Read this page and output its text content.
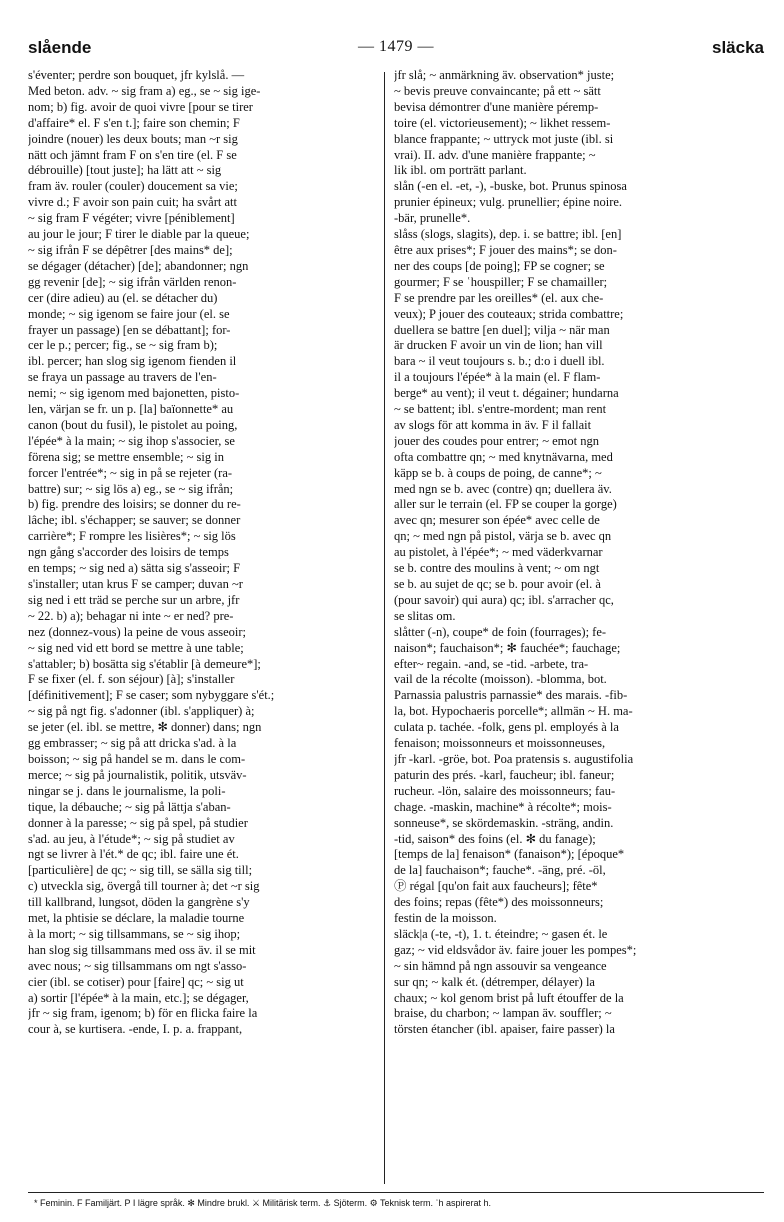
slående	— 1479 —	släcka
s'éventer; perdre son bouquet, jfr kylslå. —
Med beton. adv. ~ sig fram a) eg., se ~ sig ige-
nom; b) fig. avoir de quoi vivre [pour se tirer
d'affaire* el. F s'en t.]; faire son chemin; F
joindre (nouer) les deux bouts; man ~r sig
nätt och jämnt fram F on s'en tire (el. F se
débrouille) [tout juste]; ha lätt att ~ sig
fram äv. rouler (couler) doucement sa vie;
vivre d.; F avoir son pain cuit; ha svårt att
~ sig fram F végéter; vivre [péniblement]
au jour le jour; F tirer le diable par la queue;
~ sig ifrån F se dépêtrer [des mains* de];
se dégager (détacher) [de]; abandonner; ngn
gg revenir [de]; ~ sig ifrån världen renon-
cer (dire adieu) au (el. se détacher du)
monde; ~ sig igenom se faire jour (el. se
frayer un passage) [en se débattant]; for-
cer le p.; percer; fig., se ~ sig fram b);
ibl. percer; han slog sig igenom fienden il
se fraya un passage au travers de l'en-
nemi; ~ sig igenom med bajonetten, pisto-
len, värjan se fr. un p. [la] baïonnette* au
canon (bout du fusil), le pistolet au poing,
l'épée* à la main; ~ sig ihop s'associer, se
förena sig; se mettre ensemble; ~ sig in
forcer l'entrée*; ~ sig in på se rejeter (ra-
battre) sur; ~ sig lös a) eg., se ~ sig ifrån;
b) fig. prendre des loisirs; se donner du re-
lâche; ibl. s'échapper; se sauver; se donner
carrière*; F rompre les lisières*; ~ sig lös
ngn gång s'accorder des loisirs de temps
en temps; ~ sig ned a) sätta sig s'asseoir; F
s'installer; utan krus F se camper; duvan ~r
sig ned i ett träd se perche sur un arbre, jfr
~ 22. b) a); behagar ni inte ~ er ned? pre-
nez (donnez-vous) la peine de vous asseoir;
~ sig ned vid ett bord se mettre à une table;
s'attabler; b) bosätta sig s'établir [à demeure*];
F se fixer (el. f. son séjour) [à]; s'installer
[définitivement]; F se caser; som nybyggare s'ét.;
~ sig på ngt fig. s'adonner (ibl. s'appliquer) à;
se jeter (el. ibl. se mettre, ✻ donner) dans; ngn
gg embrasser; ~ sig på att dricka s'ad. à la
boisson; ~ sig på handel se m. dans le com-
merce; ~ sig på journalistik, politik, utsväv-
ningar se j. dans le journalisme, la poli-
tique, la débauche; ~ sig på lättja s'aban-
donner à la paresse; ~ sig på spel, på studier
s'ad. au jeu, à l'étude*; ~ sig på studiet av
ngt se livrer à l'ét.* de qc; ibl. faire une ét.
[particulière] de qc; ~ sig till, se sälla sig till;
c) utveckla sig, övergå till tourner à; det ~r sig
till kallbrand, lungsot, döden la gangrène s'y
met, la phtisie se déclare, la maladie tourne
à la mort; ~ sig tillsammans, se ~ sig ihop;
han slog sig tillsammans med oss äv. il se mit
avec nous; ~ sig tillsammans om ngt s'asso-
cier (ibl. se cotiser) pour [faire] qc; ~ sig ut
a) sortir [l'épée* à la main, etc.]; se dégager,
jfr ~ sig fram, igenom; b) för en flicka faire la
cour à, se kurtisera. -ende, I. p. a. frappant,
jfr slå; ~ anmärkning äv. observation* juste;
~ bevis preuve convaincante; på ett ~ sätt
bevisa démontrer d'une manière péremp-
toire (el. victorieusement); ~ likhet ressem-
blance frappante; ~ uttryck mot juste (ibl. si
vrai). II. adv. d'une manière frappante; ~
lik ibl. om porträtt parlant.
slån (-en el. -et, -), -buske, bot. Prunus spinosa
prunier épineux; vulg. prunellier; épine noire.
-bär, prunelle*.
slåss (slogs, slagits), dep. i. se battre; ibl. [en]
être aux prises*; F jouer des mains*; se don-
ner des coups [de poing]; FP se cogner; se
gourmer; F se ʿhouspiller; F se chamailler;
F se prendre par les oreilles* (el. aux che-
veux); P jouer des couteaux; strida combattre;
duellera se battre [en duel]; vilja ~ när man
är drucken F avoir un vin de lion; han vill
bara ~ il veut toujours s. b.; d:o i duell ibl.
il a toujours l'épée* à la main (el. F flam-
berge* au vent); il veut t. dégainer; hundarna
~ se battent; ibl. s'entre-mordent; man rent
av slogs för att komma in äv. F il fallait
jouer des coudes pour entrer; ~ emot ngn
ofta combattre qn; ~ med knytnävarna, med
käpp se b. à coups de poing, de canne*; ~
med ngn se b. avec (contre) qn; duellera äv.
aller sur le terrain (el. FP se couper la gorge)
avec qn; mesurer son épée* avec celle de
qn; ~ med ngn på pistol, värja se b. avec qn
au pistolet, à l'épée*; ~ med väderkvarnar
se b. contre des moulins à vent; ~ om ngt
se b. au sujet de qc; se b. pour avoir (el. à
(pour savoir) qui aura) qc; ibl. s'arracher qc,
se slitas om.
slåtter (-n), coupe* de foin (fourrages); fe-
naison*; fauchaison*; ✻ fauchée*; fauchage;
efter~ regain. -and, se -tid. -arbete, tra-
vail de la récolte (moisson). -blomma, bot.
Parnassia palustris parnassie* des marais. -fib-
la, bot. Hypochaeris porcelle*; allmän ~ H. ma-
culata p. tachée. -folk, gens pl. employés à la
fenaison; moissonneurs et moissonneuses,
jfr -karl. -gröe, bot. Poa pratensis s. augustifolia
paturin des prés. -karl, faucheur; ibl. faneur;
rucheur. -lön, salaire des moissonneurs; fau-
chage. -maskin, machine* à récolte*; mois-
sonneuse*, se skördemaskin. -sträng, andin.
-tid, saison* des foins (el. ✻ du fanage);
[temps de la] fenaison* (fanaison*); [époque*
de la] fauchaison*; fauche*. -äng, pré. -öl,
Ⓟ régal [qu'on fait aux faucheurs]; fête*
des foins; repas (fête*) des moissonneurs;
festin de la moisson.
släck|a (-te, -t), 1. t. éteindre; ~ gasen ét. le
gaz; ~ vid eldsvådor äv. faire jouer les pompes*;
~ sin hämnd på ngn assouvir sa vengeance
sur qn; ~ kalk ét. (détremper, délayer) la
chaux; ~ kol genom brist på luft étouffer de la
braise, du charbon; ~ lampan äv. souffler; ~
törsten étancher (ibl. apaiser, faire passer) la
* Feminin. F Familjärt. P I lägre språk. ✻ Mindre brukl. ⚔ Militärisk term. ⚓ Sjöterm. ⚙ Teknisk term. ʿh aspirerat h.
